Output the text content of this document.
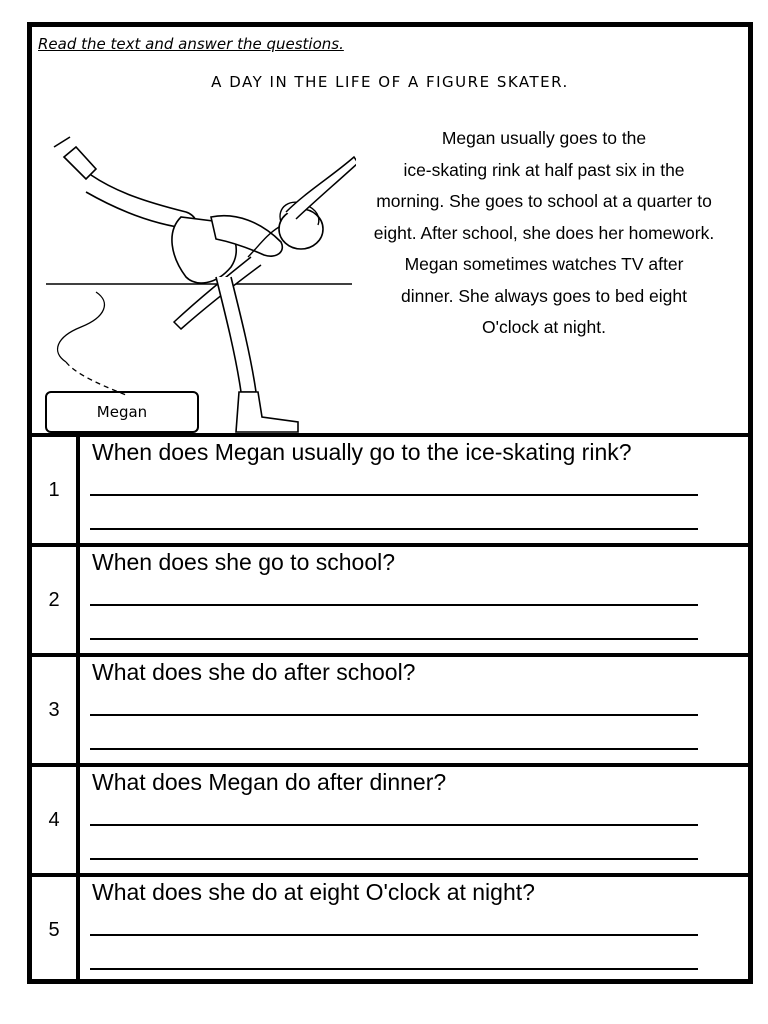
Read the text and answer the questions.
A DAY IN THE LIFE OF A FIGURE SKATER.
Megan usually goes to the
ice-skating rink at half past six in the
morning. She goes to school at a quarter to
eight. After school, she does her homework.
Megan sometimes watches TV after
dinner. She always goes to bed eight
O'clock at night.
Megan
1
When does Megan usually go to the ice-skating rink?
2
When does she go to school?
3
What does she do after school?
4
What does Megan do after dinner?
5
What does she do at eight O'clock at night?
